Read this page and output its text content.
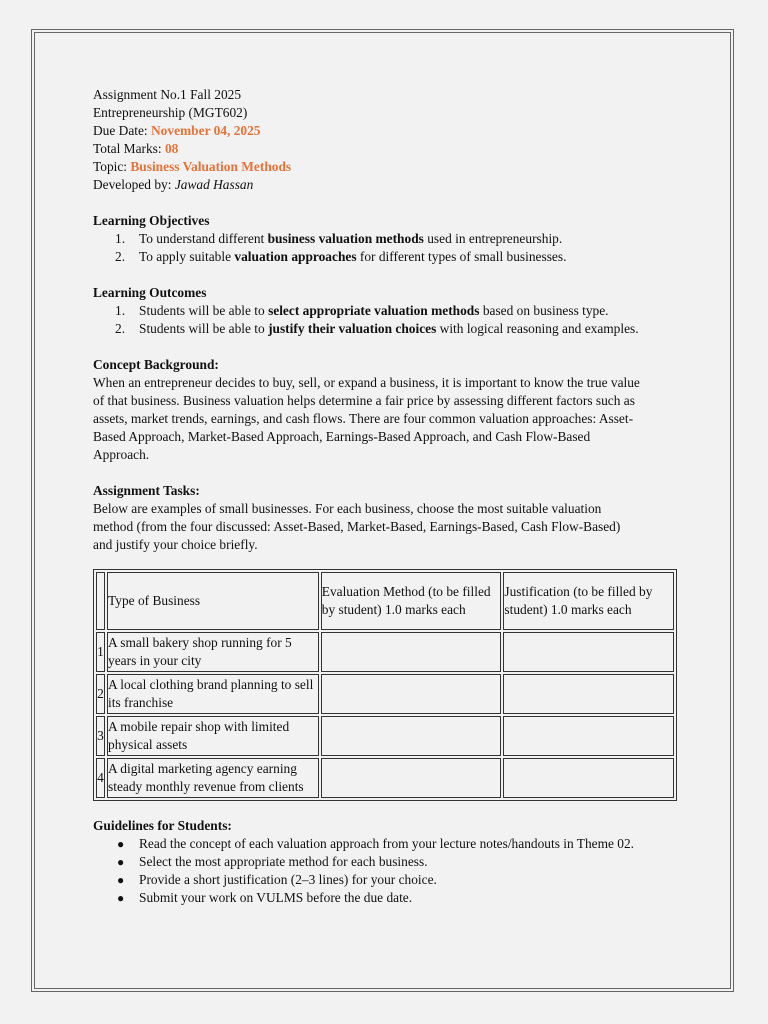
Assignment No.1 Fall 2025
Entrepreneurship (MGT602)
Due Date: November 04, 2025
Total Marks: 08
Topic: Business Valuation Methods
Developed by: Jawad Hassan
Learning Objectives
1. To understand different business valuation methods used in entrepreneurship.
2. To apply suitable valuation approaches for different types of small businesses.
Learning Outcomes
1. Students will be able to select appropriate valuation methods based on business type.
2. Students will be able to justify their valuation choices with logical reasoning and examples.
Concept Background:
When an entrepreneur decides to buy, sell, or expand a business, it is important to know the true value
of that business. Business valuation helps determine a fair price by assessing different factors such as
assets, market trends, earnings, and cash flows. There are four common valuation approaches: Asset-
Based Approach, Market-Based Approach, Earnings-Based Approach, and Cash Flow-Based
Approach.
Assignment Tasks:
Below are examples of small businesses. For each business, choose the most suitable valuation
method (from the four discussed: Asset-Based, Market-Based, Earnings-Based, Cash Flow-Based)
and justify your choice briefly.
	Type of Business	Evaluation Method (to be filled by student) 1.0 marks each	Justification (to be filled by student) 1.0 marks each
1	A small bakery shop running for 5 years in your city		
2	A local clothing brand planning to sell its franchise		
3	A mobile repair shop with limited physical assets		
4	A digital marketing agency earning steady monthly revenue from clients		
Guidelines for Students:
● Read the concept of each valuation approach from your lecture notes/handouts in Theme 02.
● Select the most appropriate method for each business.
● Provide a short justification (2–3 lines) for your choice.
● Submit your work on VULMS before the due date.
